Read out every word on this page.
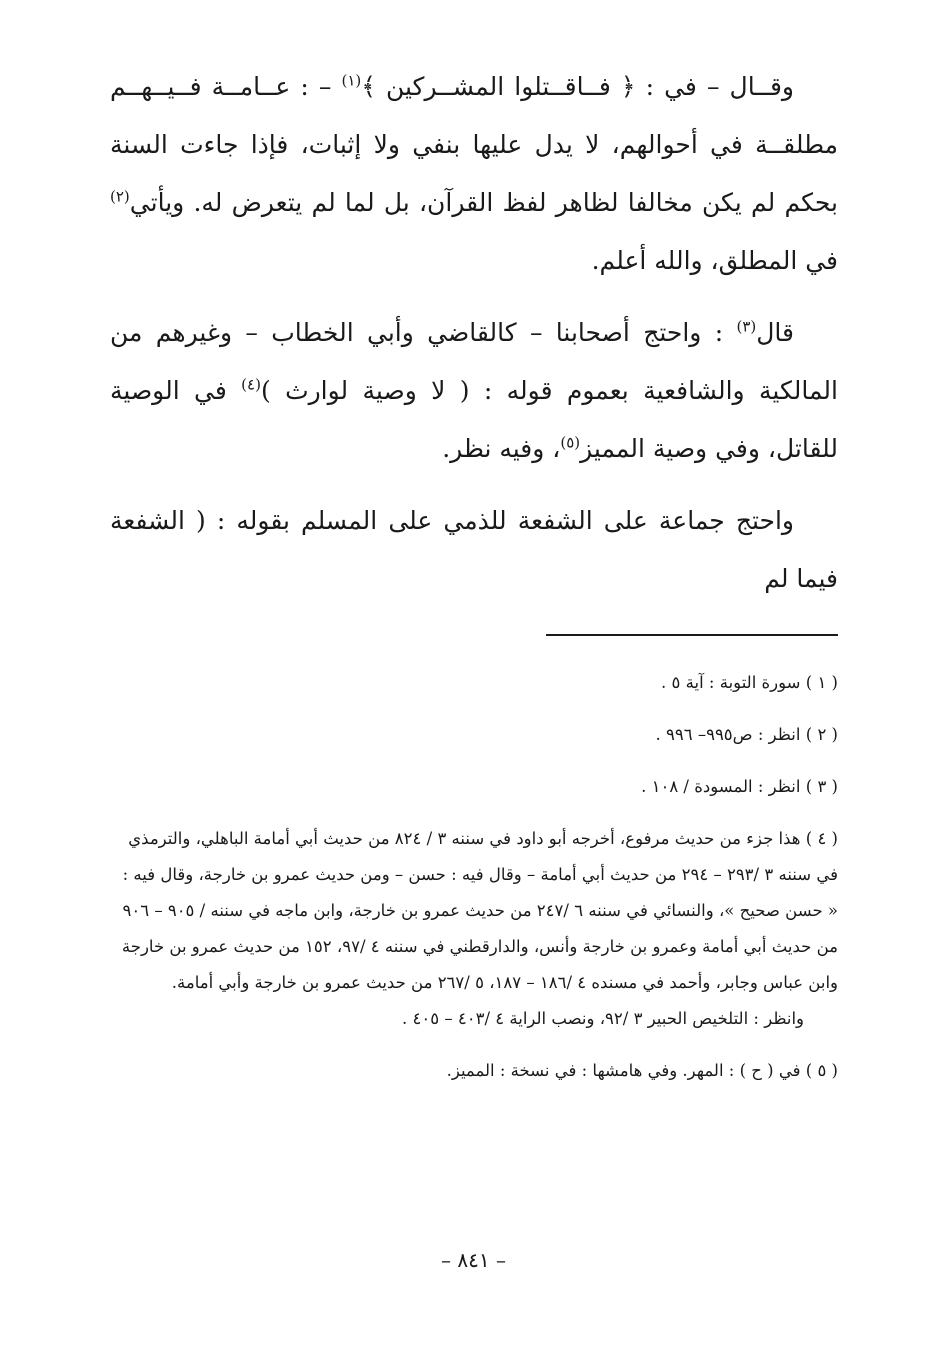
وقــال – في : ﴿ فــاقــتلوا المشــركين ﴾$^{(١)}$ – : عــامــة فــيــهــم مطلقــة في أحوالهم، لا يدل عليها بنفي ولا إثبات، فإذا جاءت السنة بحكم لم يكن مخالفا لظاهر لفظ القرآن، بل لما لم يتعرض له. ويأتي$^{(٢)}$ في المطلق، والله أعلم.

قال$^{(٣)}$ : واحتج أصحابنا – كالقاضي وأبي الخطاب – وغيرهم من المالكية والشافعية بعموم قوله : ( لا وصية لوارث )$^{(٤)}$ في الوصية للقاتل، وفي وصية المميز$^{(٥)}$، وفيه نظر.

واحتج جماعة على الشفعة للذمي على المسلم بقوله : ( الشفعة فيما لم

( ١ ) سورة التوبة : آية ٥ .

( ٢ ) انظر : ص٩٩٥– ٩٩٦ .

( ٣ ) انظر : المسودة / ١٠٨ .

( ٤ ) هذا جزء من حديث مرفوع، أخرجه أبو داود في سننه ٣ / ٨٢٤ من حديث أبي أمامة الباهلي، والترمذي في سننه ٣ /٢٩٣ – ٢٩٤ من حديث أبي أمامة – وقال فيه : حسن – ومن حديث عمرو بن خارجة، وقال فيه : « حسن صحيح »، والنسائي في سننه ٦ /٢٤٧ من حديث عمرو بن خارجة، وابن ماجه في سننه / ٩٠٥ – ٩٠٦ من حديث أبي أمامة وعمرو بن خارجة وأنس، والدارقطني في سننه ٤ /٩٧، ١٥٢ من حديث عمرو بن خارجة وابن عباس وجابر، وأحمد في مسنده ٤ /١٨٦ – ١٨٧، ٥ /٢٦٧ من حديث عمرو بن خارجة وأبي أمامة.

وانظر : التلخيص الحبير ٣ /٩٢، ونصب الراية ٤ /٤٠٣ – ٤٠٥ .

( ٥ ) في ( ح ) : المهر. وفي هامشها : في نسخة : المميز.

– ٨٤١ –
